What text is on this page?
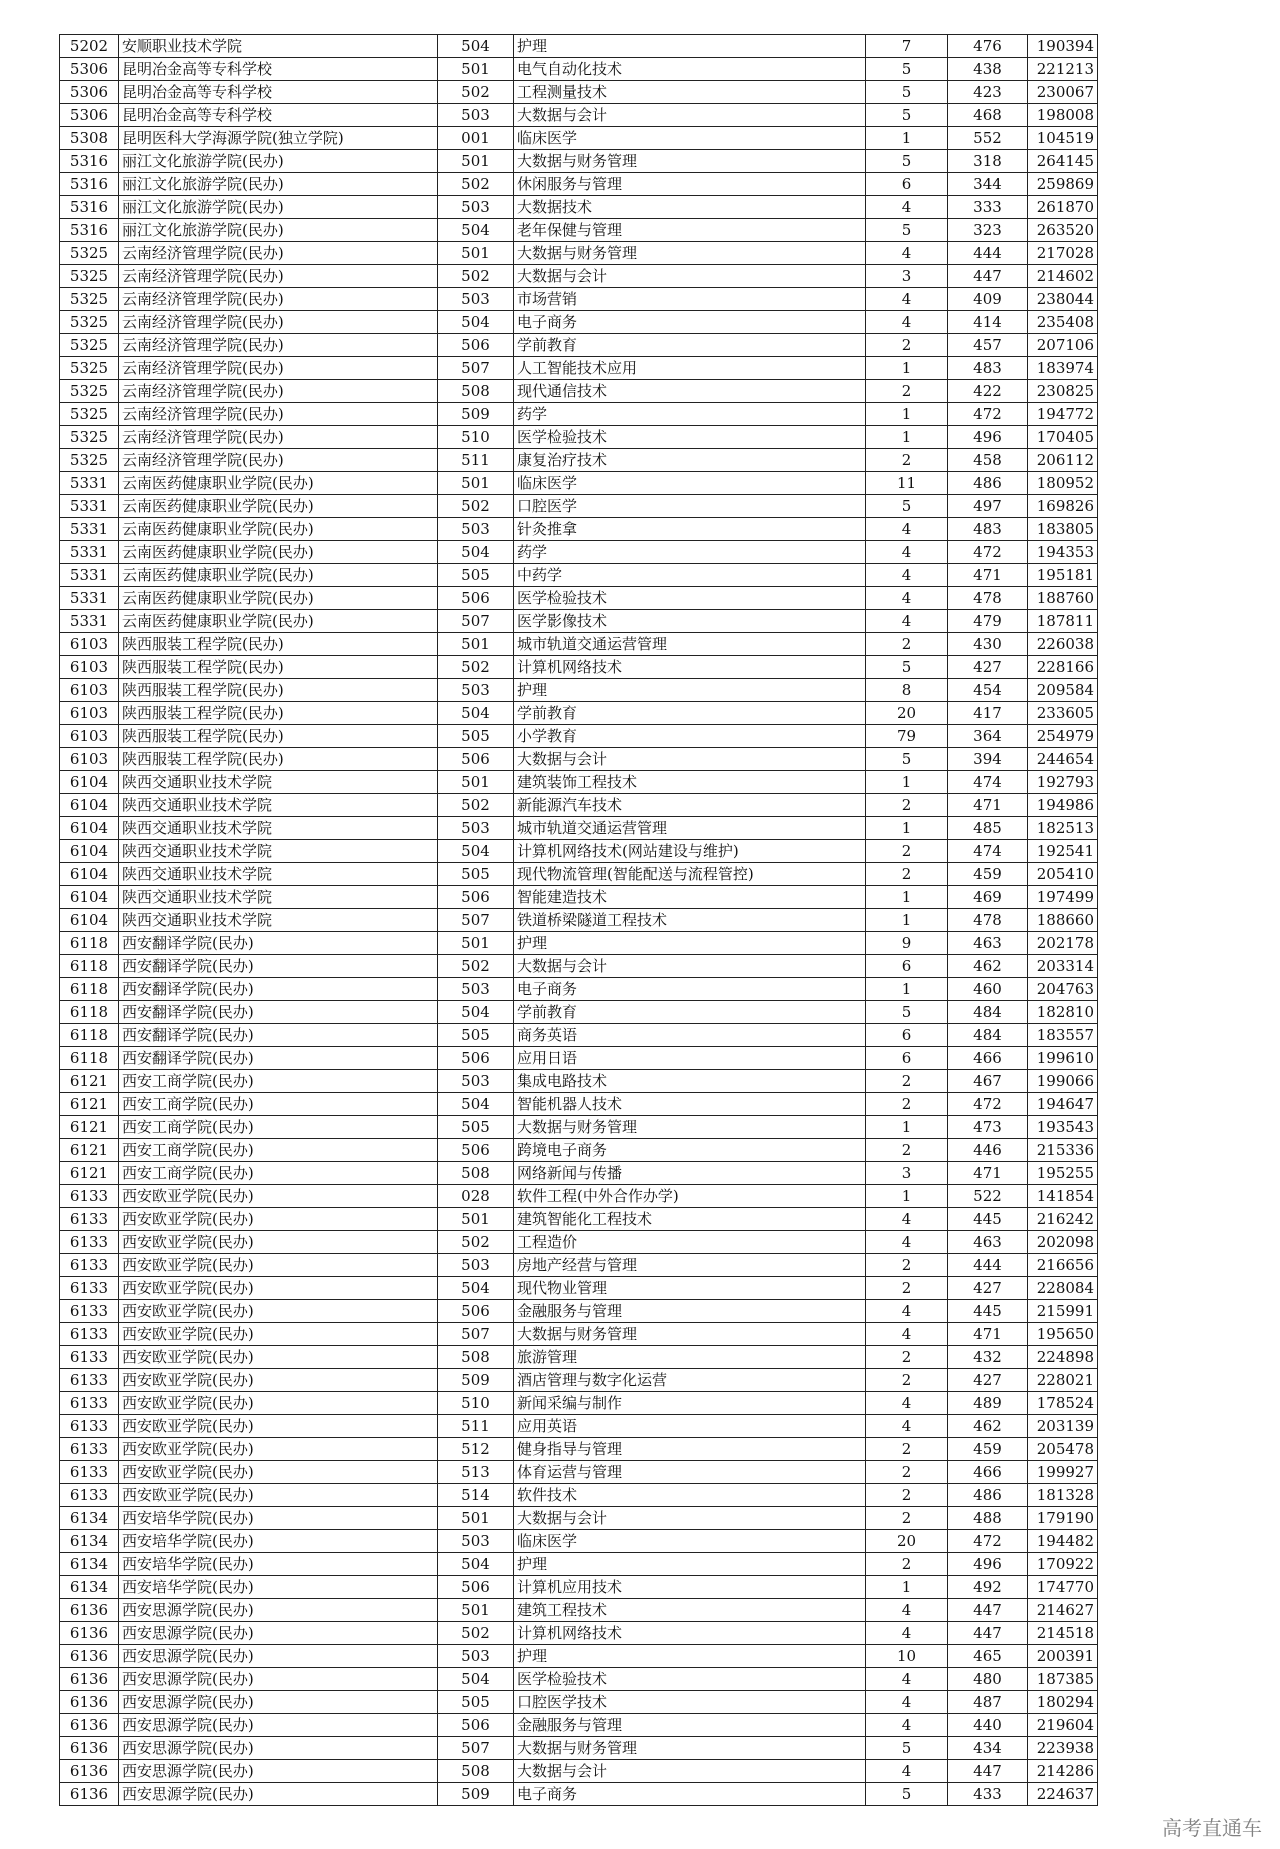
5202	安顺职业技术学院	504	护理	7	476	190394
5306	昆明冶金高等专科学校	501	电气自动化技术	5	438	221213
5306	昆明冶金高等专科学校	502	工程测量技术	5	423	230067
5306	昆明冶金高等专科学校	503	大数据与会计	5	468	198008
5308	昆明医科大学海源学院(独立学院)	001	临床医学	1	552	104519
5316	丽江文化旅游学院(民办)	501	大数据与财务管理	5	318	264145
5316	丽江文化旅游学院(民办)	502	休闲服务与管理	6	344	259869
5316	丽江文化旅游学院(民办)	503	大数据技术	4	333	261870
5316	丽江文化旅游学院(民办)	504	老年保健与管理	5	323	263520
5325	云南经济管理学院(民办)	501	大数据与财务管理	4	444	217028
5325	云南经济管理学院(民办)	502	大数据与会计	3	447	214602
5325	云南经济管理学院(民办)	503	市场营销	4	409	238044
5325	云南经济管理学院(民办)	504	电子商务	4	414	235408
5325	云南经济管理学院(民办)	506	学前教育	2	457	207106
5325	云南经济管理学院(民办)	507	人工智能技术应用	1	483	183974
5325	云南经济管理学院(民办)	508	现代通信技术	2	422	230825
5325	云南经济管理学院(民办)	509	药学	1	472	194772
5325	云南经济管理学院(民办)	510	医学检验技术	1	496	170405
5325	云南经济管理学院(民办)	511	康复治疗技术	2	458	206112
5331	云南医药健康职业学院(民办)	501	临床医学	11	486	180952
5331	云南医药健康职业学院(民办)	502	口腔医学	5	497	169826
5331	云南医药健康职业学院(民办)	503	针灸推拿	4	483	183805
5331	云南医药健康职业学院(民办)	504	药学	4	472	194353
5331	云南医药健康职业学院(民办)	505	中药学	4	471	195181
5331	云南医药健康职业学院(民办)	506	医学检验技术	4	478	188760
5331	云南医药健康职业学院(民办)	507	医学影像技术	4	479	187811
6103	陕西服装工程学院(民办)	501	城市轨道交通运营管理	2	430	226038
6103	陕西服装工程学院(民办)	502	计算机网络技术	5	427	228166
6103	陕西服装工程学院(民办)	503	护理	8	454	209584
6103	陕西服装工程学院(民办)	504	学前教育	20	417	233605
6103	陕西服装工程学院(民办)	505	小学教育	79	364	254979
6103	陕西服装工程学院(民办)	506	大数据与会计	5	394	244654
6104	陕西交通职业技术学院	501	建筑装饰工程技术	1	474	192793
6104	陕西交通职业技术学院	502	新能源汽车技术	2	471	194986
6104	陕西交通职业技术学院	503	城市轨道交通运营管理	1	485	182513
6104	陕西交通职业技术学院	504	计算机网络技术(网站建设与维护)	2	474	192541
6104	陕西交通职业技术学院	505	现代物流管理(智能配送与流程管控)	2	459	205410
6104	陕西交通职业技术学院	506	智能建造技术	1	469	197499
6104	陕西交通职业技术学院	507	铁道桥梁隧道工程技术	1	478	188660
6118	西安翻译学院(民办)	501	护理	9	463	202178
6118	西安翻译学院(民办)	502	大数据与会计	6	462	203314
6118	西安翻译学院(民办)	503	电子商务	1	460	204763
6118	西安翻译学院(民办)	504	学前教育	5	484	182810
6118	西安翻译学院(民办)	505	商务英语	6	484	183557
6118	西安翻译学院(民办)	506	应用日语	6	466	199610
6121	西安工商学院(民办)	503	集成电路技术	2	467	199066
6121	西安工商学院(民办)	504	智能机器人技术	2	472	194647
6121	西安工商学院(民办)	505	大数据与财务管理	1	473	193543
6121	西安工商学院(民办)	506	跨境电子商务	2	446	215336
6121	西安工商学院(民办)	508	网络新闻与传播	3	471	195255
6133	西安欧亚学院(民办)	028	软件工程(中外合作办学)	1	522	141854
6133	西安欧亚学院(民办)	501	建筑智能化工程技术	4	445	216242
6133	西安欧亚学院(民办)	502	工程造价	4	463	202098
6133	西安欧亚学院(民办)	503	房地产经营与管理	2	444	216656
6133	西安欧亚学院(民办)	504	现代物业管理	2	427	228084
6133	西安欧亚学院(民办)	506	金融服务与管理	4	445	215991
6133	西安欧亚学院(民办)	507	大数据与财务管理	4	471	195650
6133	西安欧亚学院(民办)	508	旅游管理	2	432	224898
6133	西安欧亚学院(民办)	509	酒店管理与数字化运营	2	427	228021
6133	西安欧亚学院(民办)	510	新闻采编与制作	4	489	178524
6133	西安欧亚学院(民办)	511	应用英语	4	462	203139
6133	西安欧亚学院(民办)	512	健身指导与管理	2	459	205478
6133	西安欧亚学院(民办)	513	体育运营与管理	2	466	199927
6133	西安欧亚学院(民办)	514	软件技术	2	486	181328
6134	西安培华学院(民办)	501	大数据与会计	2	488	179190
6134	西安培华学院(民办)	503	临床医学	20	472	194482
6134	西安培华学院(民办)	504	护理	2	496	170922
6134	西安培华学院(民办)	506	计算机应用技术	1	492	174770
6136	西安思源学院(民办)	501	建筑工程技术	4	447	214627
6136	西安思源学院(民办)	502	计算机网络技术	4	447	214518
6136	西安思源学院(民办)	503	护理	10	465	200391
6136	西安思源学院(民办)	504	医学检验技术	4	480	187385
6136	西安思源学院(民办)	505	口腔医学技术	4	487	180294
6136	西安思源学院(民办)	506	金融服务与管理	4	440	219604
6136	西安思源学院(民办)	507	大数据与财务管理	5	434	223938
6136	西安思源学院(民办)	508	大数据与会计	4	447	214286
6136	西安思源学院(民办)	509	电子商务	5	433	224637
高考直通车
